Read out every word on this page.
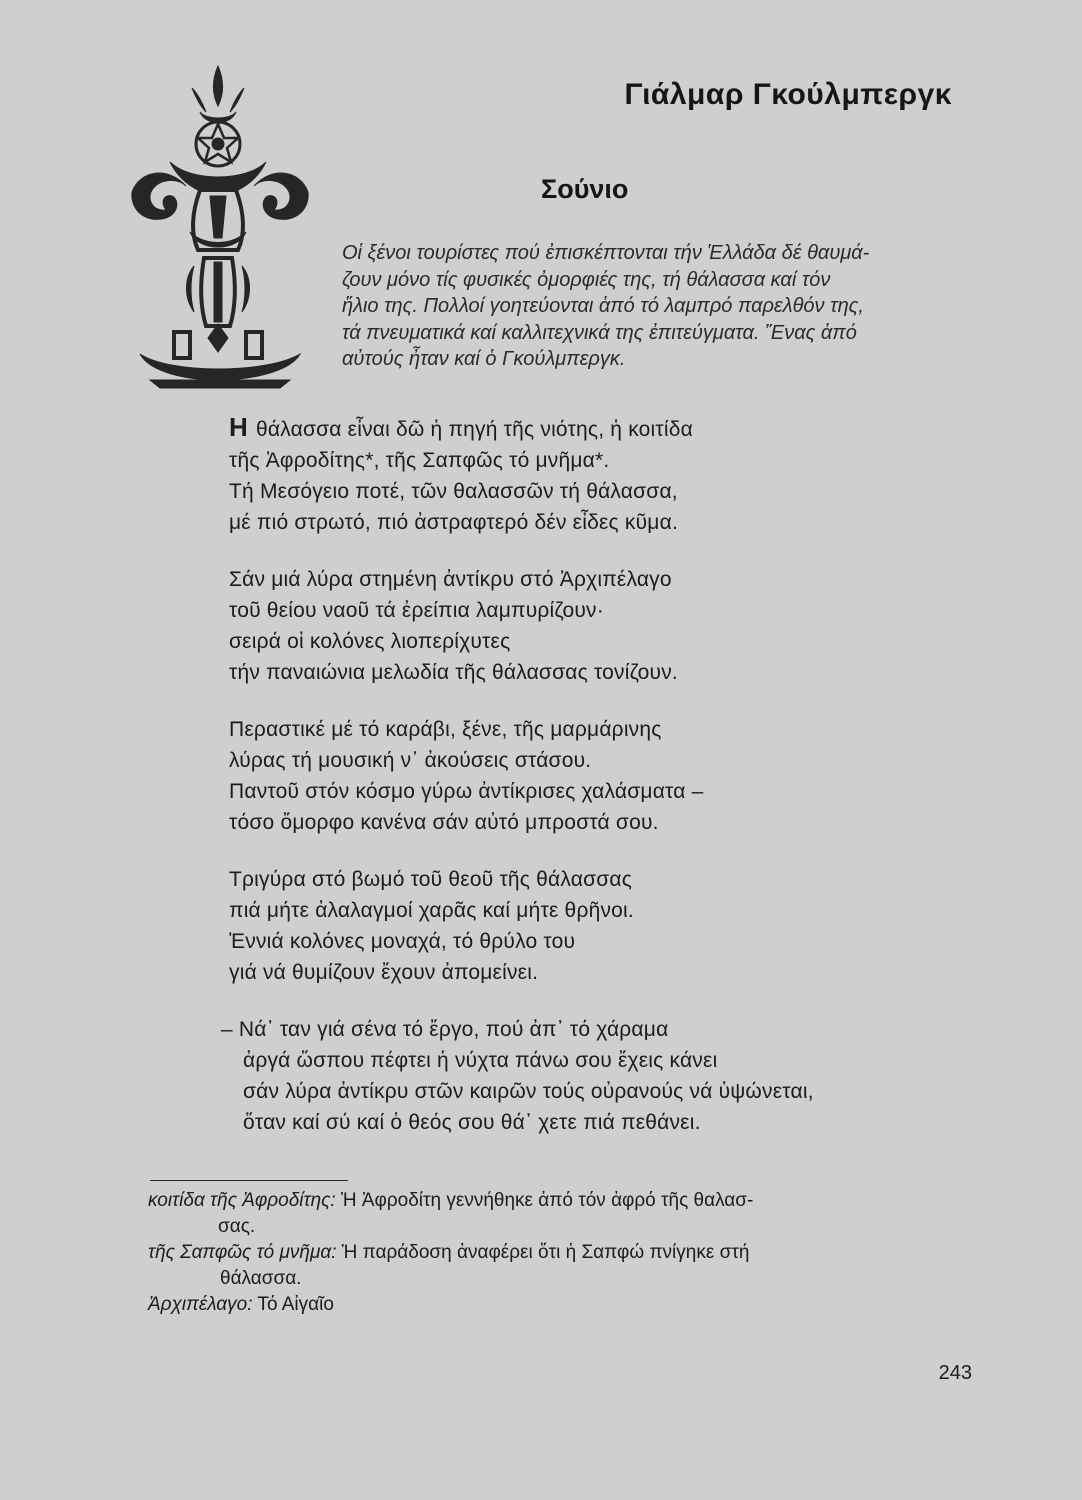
Γιάλμαρ Γκούλμπεργκ
Σούνιο
Οἱ ξένοι τουρίστες πού ἐπισκέπτονται τήν Ἑλλάδα δέ θαυμά-
ζουν μόνο τίς φυσικές ὀμορφιές της, τή θάλασσα καί τόν
ἥλιο της. Πολλοί γοητεύονται ἀπό τό λαμπρό παρελθόν της,
τά πνευματικά καί καλλιτεχνικά της ἐπιτεύγματα. Ἕνας ἀπό
αὐτούς ἦταν καί ὁ Γκούλμπεργκ.
Η θάλασσα εἶναι δῶ ἡ πηγή τῆς νιότης, ἡ κοιτίδα
τῆς Ἀφροδίτης*, τῆς Σαπφῶς τό μνῆμα*.
Τή Μεσόγειο ποτέ, τῶν θαλασσῶν τή θάλασσα,
μέ πιό στρωτό, πιό ἀστραφτερό δέν εἶδες κῦμα.
Σάν μιά λύρα στημένη ἀντίκρυ στό Ἀρχιπέλαγο
τοῦ θείου ναοῦ τά ἐρείπια λαμπυρίζουν·
σειρά οἱ κολόνες λιοπερίχυτες
τήν παναιώνια μελωδία τῆς θάλασσας τονίζουν.
Περαστικέ μέ τό καράβι, ξένε, τῆς μαρμάρινης
λύρας τή μουσική ν᾿ ἀκούσεις στάσου.
Παντοῦ στόν κόσμο γύρω ἀντίκρισες χαλάσματα –
τόσο ὄμορφο κανένα σάν αὐτό μπροστά σου.
Τριγύρα στό βωμό τοῦ θεοῦ τῆς θάλασσας
πιά μήτε ἀλαλαγμοί χαρᾶς καί μήτε θρῆνοι.
Ἐννιά κολόνες μοναχά, τό θρύλο του
γιά νά θυμίζουν ἔχουν ἀπομείνει.
– Νά᾿ ταν γιά σένα τό ἔργο, πού ἀπ᾿ τό χάραμα
ἀργά ὥσπου πέφτει ἡ νύχτα πάνω σου ἔχεις κάνει
σάν λύρα ἀντίκρυ στῶν καιρῶν τούς οὐρανούς νά ὑψώνεται,
ὅταν καί σύ καί ὁ θεός σου θά᾿ χετε πιά πεθάνει.
κοιτίδα τῆς Ἀφροδίτης: Ἡ Ἀφροδίτη γεννήθηκε ἀπό τόν ἀφρό τῆς θαλασ-
σας.
τῆς Σαπφῶς τό μνῆμα: Ἡ παράδοση ἀναφέρει ὅτι ἡ Σαπφώ πνίγηκε στή
θάλασσα.
Ἀρχιπέλαγο: Τό Αἰγαῖο
243
